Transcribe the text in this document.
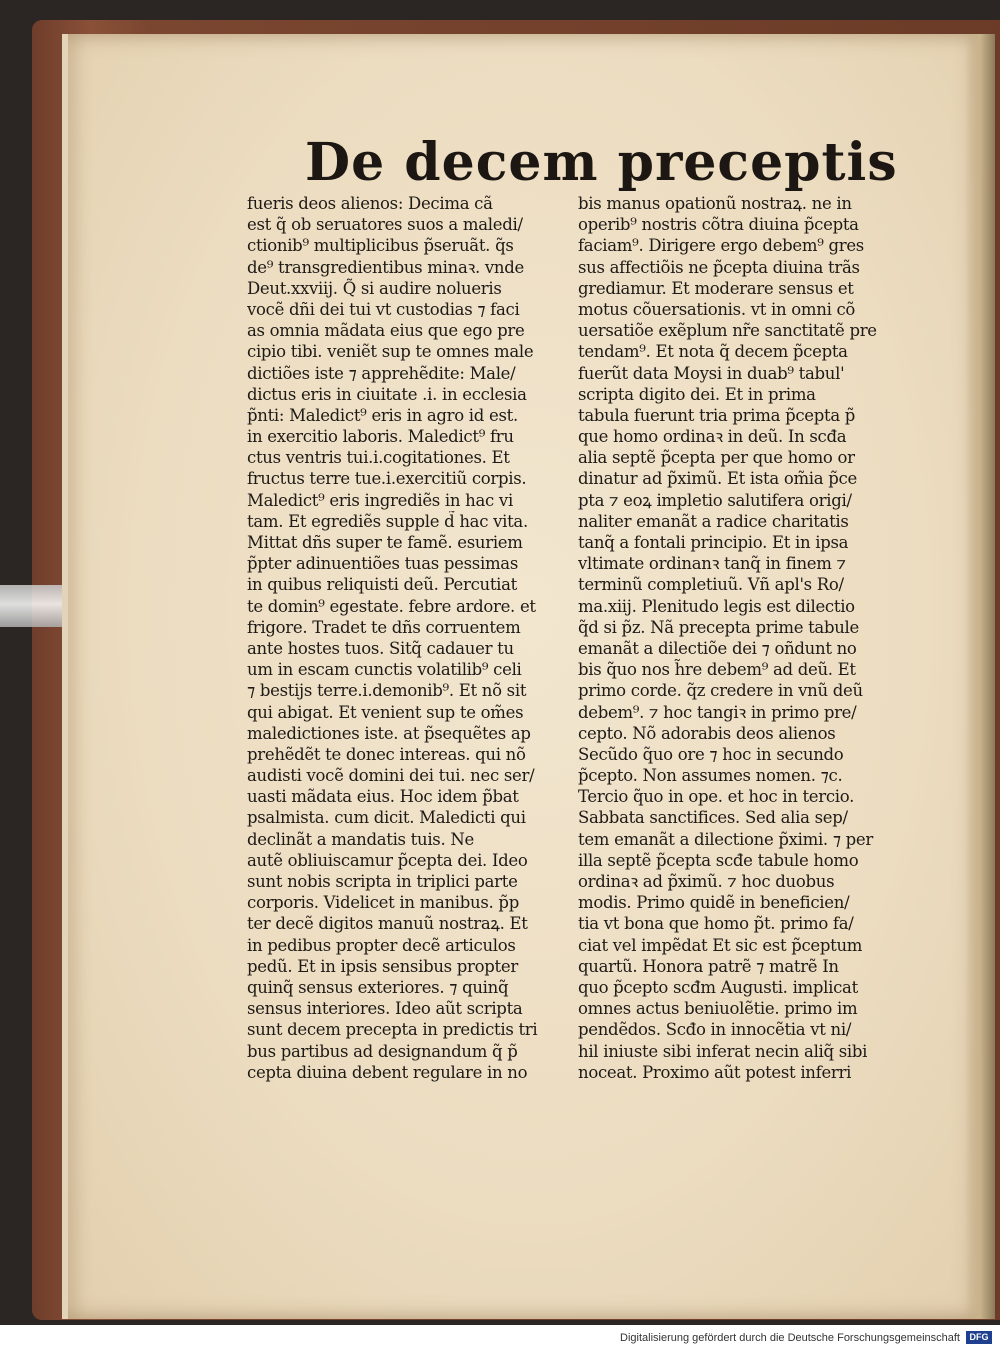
De decem preceptis
fueris deos alienos: Decima cã
est q̃ ob seruatores suos a maledi/
ctionib⁹ multiplicibus p̃seruãt. q̃s
de⁹ transgredientibus minaꝛ. vnde
Deut.xxviij. Q̃ si audire nolueris
vocẽ dñi dei tui vt custodias ⁊ faci
as omnia mãdata eius que ego pre
cipio tibi. veniẽt sup te omnes male
dictiões iste ⁊ apprehẽdite: Male/
dictus eris in ciuitate .i. in ecclesia
p̃nti: Maledict⁹ eris in agro id est.
in exercitio laboris. Maledict⁹ fru
ctus ventris tui.i.cogitationes. Et
fructus terre tue.i.exercitiũ corpis.
Maledict⁹ eris ingrediẽs in hac vi
tam. Et egrediẽs supple d̃ hac vita.
Mittat dñs super te famẽ. esuriem
p̃pter adinuentiões tuas pessimas
in quibus reliquisti deũ. Percutiat
te domin⁹ egestate. febre ardore. et
frigore. Tradet te dñs corruentem
ante hostes tuos. Sitq̃ cadauer tu
um in escam cunctis volatilib⁹ celi
⁊ bestijs terre.i.demonib⁹. Et nõ sit
qui abigat. Et venient sup te om̃es
maledictiones iste. at p̃sequẽtes ap
prehẽdẽt te donec intereas. qui nõ
audisti vocẽ domini dei tui. nec ser/
uasti mãdata eius. Hoc idem p̃bat
psalmista. cum dicit. Maledicti qui
declinãt a mandatis tuis. Ne
autẽ obliuiscamur p̃cepta dei. Ideo
sunt nobis scripta in triplici parte
corporis. Videlicet in manibus. p̃p
ter decẽ digitos manuũ nostraꝝ. Et
in pedibus propter decẽ articulos
pedũ. Et in ipsis sensibus propter
quinq̃ sensus exteriores. ⁊ quinq̃
sensus interiores. Ideo aũt scripta
sunt decem precepta in predictis tri
bus partibus ad designandum q̃ p̃
cepta diuina debent regulare in no
bis manus opationũ nostraꝝ. ne in
operib⁹ nostris cõtra diuina p̃cepta
faciam⁹. Dirigere ergo debem⁹ gres
sus affectiõis ne p̃cepta diuina trãs
grediamur. Et moderare sensus et
motus cõuersationis. vt in omni cõ
uersatiõe exẽplum nr̃e sanctitatẽ pre
tendam⁹. Et nota q̃ decem p̃cepta
fuerũt data Moysi in duab⁹ tabul'
scripta digito dei. Et in prima
tabula fuerunt tria prima p̃cepta p̃
que homo ordinaꝛ in deũ. In scđa
alia septẽ p̃cepta per que homo or
dinatur ad p̃ximũ. Et ista om̃ia p̃ce
pta ⁊ eoꝝ impletio salutifera origi/
naliter emanãt a radice charitatis
tanq̃ a fontali principio. Et in ipsa
vltimate ordinanꝛ tanq̃ in finem ⁊
terminũ completiuũ. Vñ apl's Ro/
ma.xiij. Plenitudo legis est dilectio
q̃d si p̃z. Nã precepta prime tabule
emanãt a dilectiõe dei ⁊ oñdunt no
bis q̃uo nos h̃re debem⁹ ad deũ. Et
primo corde. q̃z credere in vnũ deũ
debem⁹. ⁊ hoc tangiꝛ in primo pre/
cepto. Nõ adorabis deos alienos
Secũdo q̃uo ore ⁊ hoc in secundo
p̃cepto. Non assumes nomen. ⁊c.
Tercio q̃uo in ope. et hoc in tercio.
Sabbata sanctifices. Sed alia sep/
tem emanãt a dilectione p̃ximi. ⁊ per
illa septẽ p̃cepta scđe tabule homo
ordinaꝛ ad p̃ximũ. ⁊ hoc duobus
modis. Primo quidẽ in beneficien/
tia vt bona que homo p̃t. primo fa/
ciat vel impẽdat Et sic est p̃ceptum
quartũ. Honora patrẽ ⁊ matrẽ In
quo p̃cepto scđm Augusti. implicat
omnes actus beniuolẽtie. primo im
pendẽdos. Scđo in innocẽtia vt ni/
hil iniuste sibi inferat necin aliq̃ sibi
noceat. Proximo aũt potest inferri
Digitalisierung gefördert durch die Deutsche Forschungsgemeinschaft	DFG
